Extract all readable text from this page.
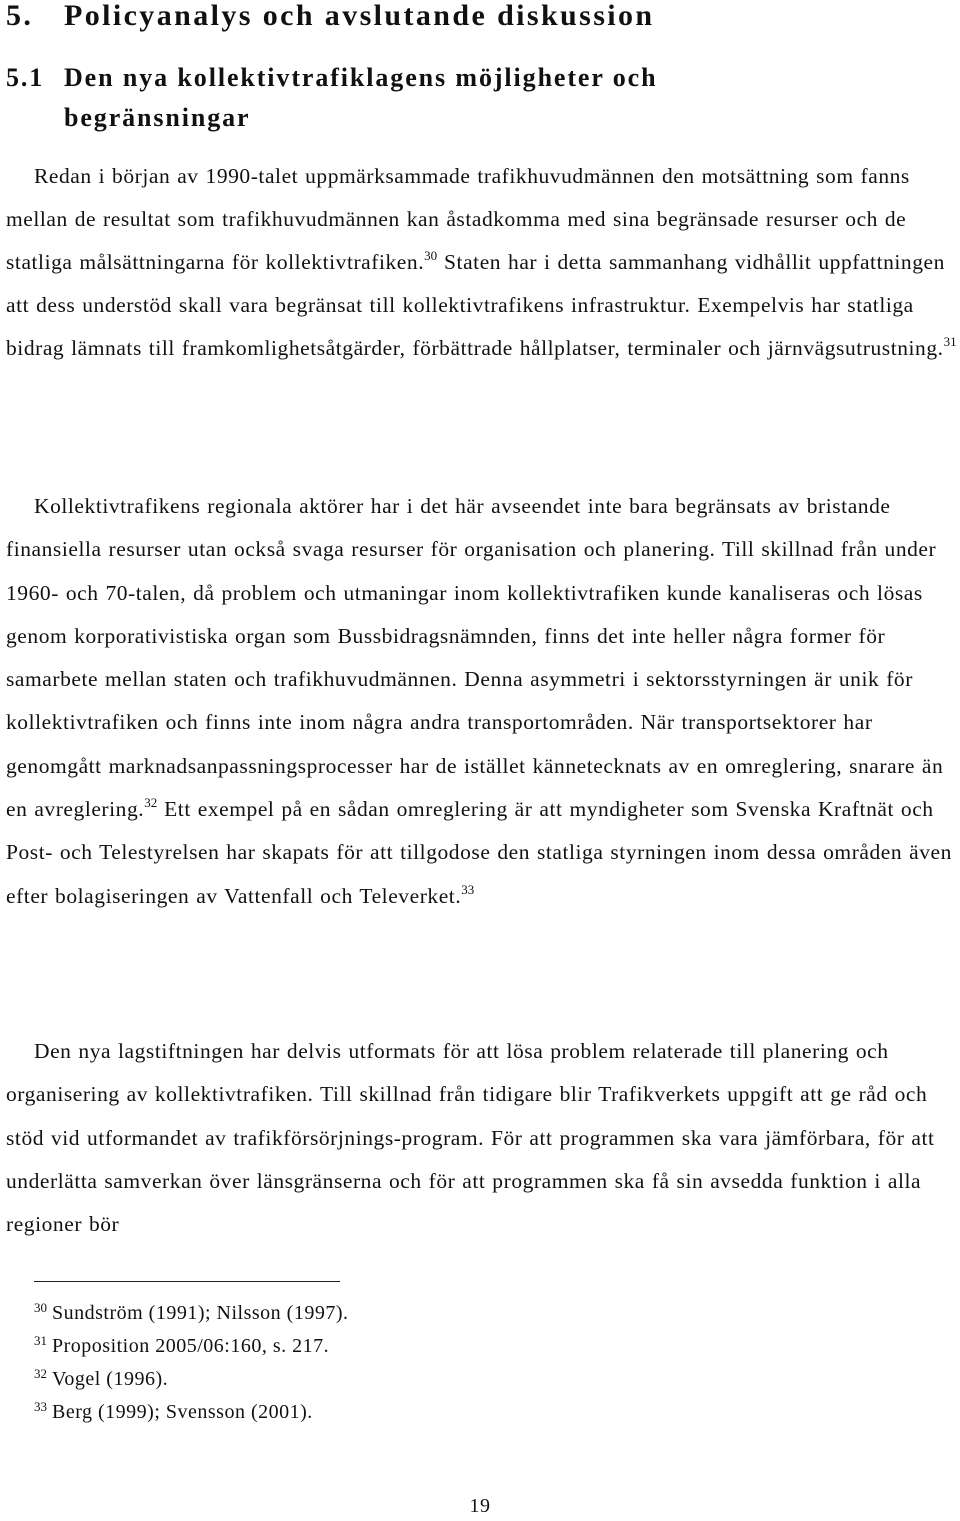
5. Policyanalys och avslutande diskussion
5.1 Den nya kollektivtrafiklagens möjligheter och
begränsningar

Redan i början av 1990-talet uppmärksammade trafikhuvudmännen den motsättning som fanns mellan de resultat som trafikhuvudmännen kan åstadkomma med sina begränsade resurser och de statliga målsättningarna för kollektivtrafiken.$^{30}$ Staten har i detta sammanhang vidhållit uppfattningen att dess understöd skall vara begränsat till kollektivtrafikens infrastruktur. Exempelvis har statliga bidrag lämnats till framkomlighetsåtgärder, förbättrade hållplatser, terminaler och järnvägsutrustning.$^{31}$

Kollektivtrafikens regionala aktörer har i det här avseendet inte bara begränsats av bristande finansiella resurser utan också svaga resurser för organisation och planering. Till skillnad från under 1960- och 70-talen, då problem och utmaningar inom kollektivtrafiken kunde kanaliseras och lösas genom korporativistiska organ som Bussbidragsnämnden, finns det inte heller några former för samarbete mellan staten och trafikhuvudmännen. Denna asymmetri i sektorsstyrningen är unik för kollektivtrafiken och finns inte inom några andra transportområden. När transportsektorer har genomgått marknadsanpassningsprocesser har de istället kännetecknats av en omreglering, snarare än en avreglering.$^{32}$ Ett exempel på en sådan omreglering är att myndigheter som Svenska Kraftnät och Post- och Telestyrelsen har skapats för att tillgodose den statliga styrningen inom dessa områden även efter bolagiseringen av Vattenfall och Televerket.$^{33}$

Den nya lagstiftningen har delvis utformats för att lösa problem relaterade till planering och organisering av kollektivtrafiken. Till skillnad från tidigare blir Trafikverkets uppgift att ge råd och stöd vid utformandet av trafikförsörjnings-program. För att programmen ska vara jämförbara, för att underlätta samverkan över länsgränserna och för att programmen ska få sin avsedda funktion i alla regioner bör

$^{30}$ Sundström (1991); Nilsson (1997).
$^{31}$ Proposition 2005/06:160, s. 217.
$^{32}$ Vogel (1996).
$^{33}$ Berg (1999); Svensson (2001).
19
